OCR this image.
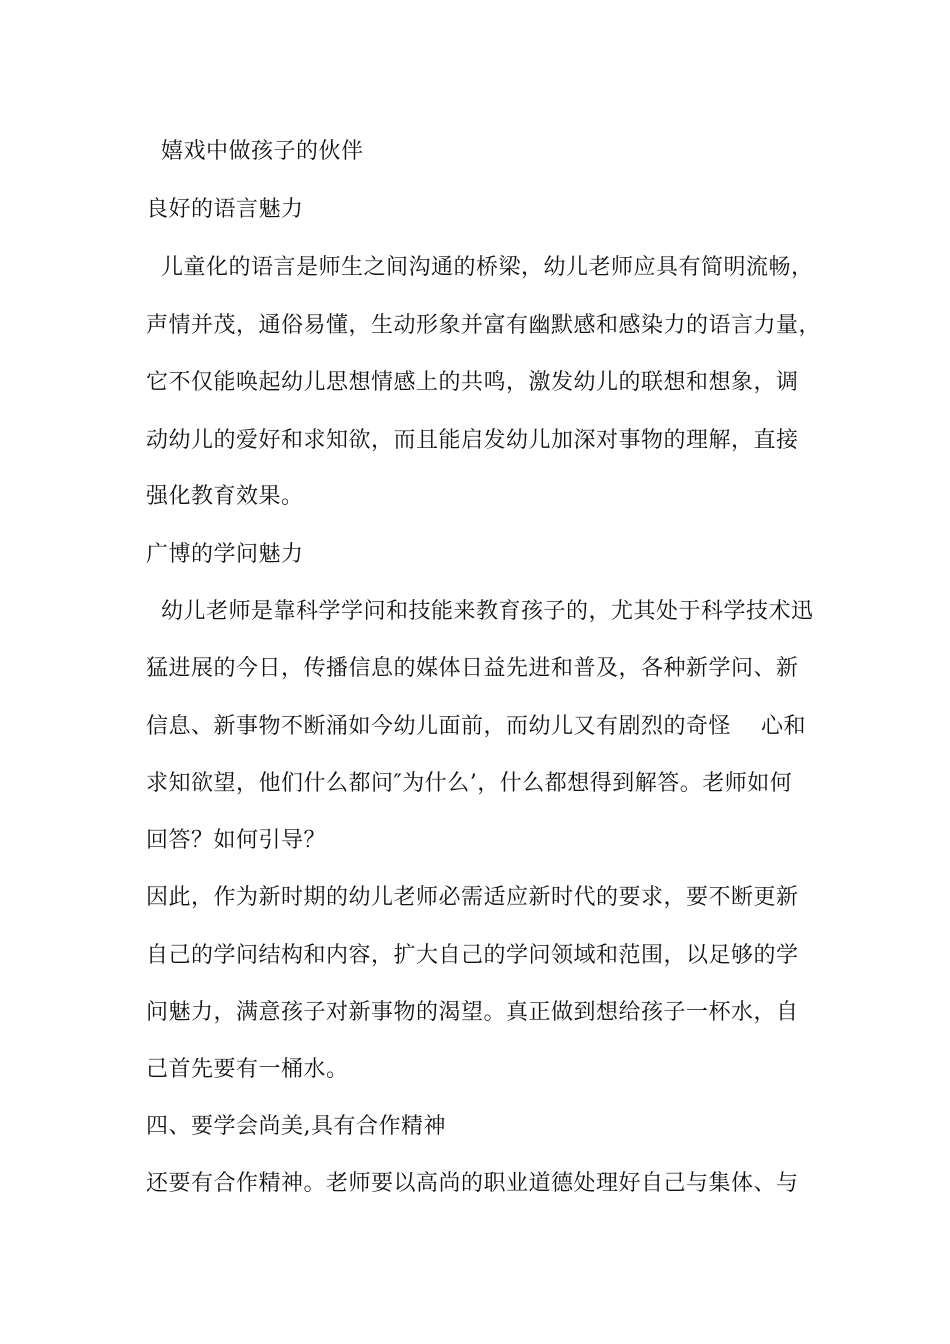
嬉戏中做孩子的伙伴
良好的语言魅力
儿童化的语言是师生之间沟通的桥梁，幼儿老师应具有简明流畅，
声情并茂，通俗易懂，生动形象并富有幽默感和感染力的语言力量，
它不仅能唤起幼儿思想情感上的共鸣，激发幼儿的联想和想象，调
动幼儿的爱好和求知欲，而且能启发幼儿加深对事物的理解，直接
强化教育效果。
广博的学问魅力
幼儿老师是靠科学学问和技能来教育孩子的，尤其处于科学技术迅
猛进展的今日，传播信息的媒体日益先进和普及，各种新学问、新
信息、新事物不断涌如今幼儿面前，而幼儿又有剧烈的奇怪    心和
求知欲望，他们什么都问″为什么’，什么都想得到解答。老师如何
回答？如何引导？
因此，作为新时期的幼儿老师必需适应新时代的要求，要不断更新
自己的学问结构和内容，扩大自己的学问领域和范围，以足够的学
问魅力，满意孩子对新事物的渴望。真正做到想给孩子一杯水，自
己首先要有一桶水。
四、要学会尚美,具有合作精神
还要有合作精神。老师要以高尚的职业道德处理好自己与集体、与
